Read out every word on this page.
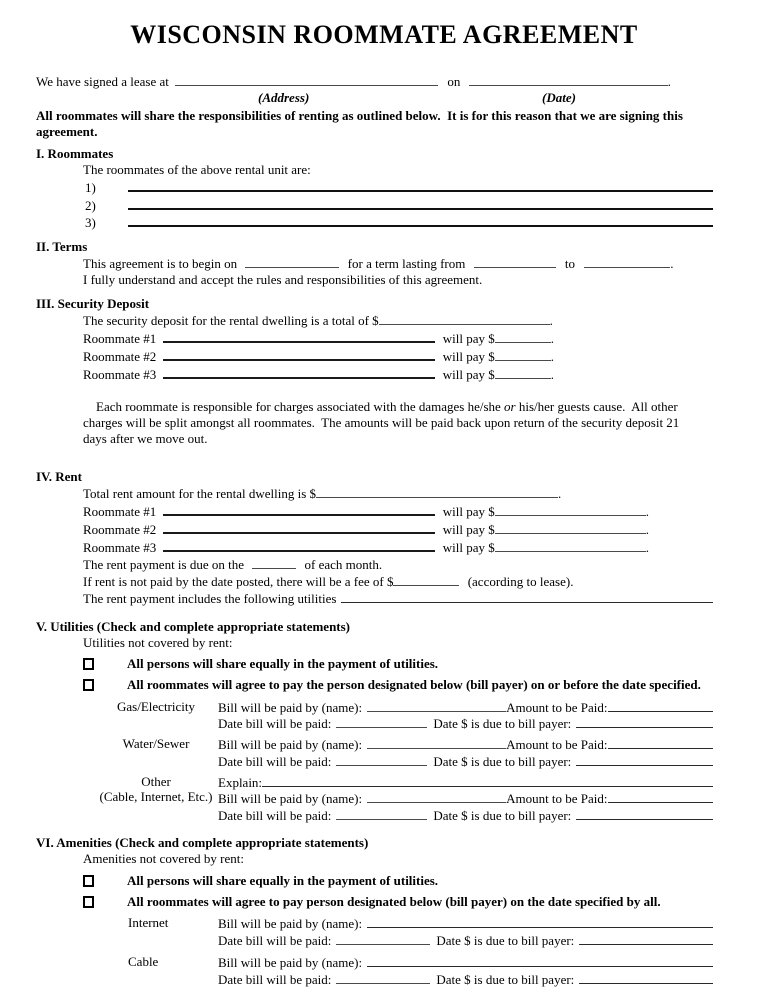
WISCONSIN ROOMMATE AGREEMENT
We have signed a lease at	on	.
(Address)	(Date)
All roommates will share the responsibilities of renting as outlined below.  It is for this reason that we are signing this agreement.
I. Roommates
The roommates of the above rental unit are:
1)
2)
3)
II. Terms
This agreement is to begin on	for a term lasting from	to	.
I fully understand and accept the rules and responsibilities of this agreement.
III. Security Deposit
The security deposit for the rental dwelling is a total of $	.
Roommate #1	will pay $	.
Roommate #2	will pay $	.
Roommate #3	will pay $	.

Each roommate is responsible for charges associated with the damages he/she or his/her guests cause.  All other charges will be split amongst all roommates.  The amounts will be paid back upon return of the security deposit 21 days after we move out.

IV. Rent
Total rent amount for the rental dwelling is $	.
Roommate #1	will pay $	.
Roommate #2	will pay $	.
Roommate #3	will pay $	.
The rent payment is due on the	of each month.
If rent is not paid by the date posted, there will be a fee of $	(according to lease).
The rent payment includes the following utilities
V. Utilities (Check and complete appropriate statements)
Utilities not covered by rent:
All persons will share equally in the payment of utilities.
All roommates will agree to pay the person designated below (bill payer) on or before the date specified.
Gas/Electricity	Bill will be paid by (name):	Amount to be Paid:
Date bill will be paid:	Date $ is due to bill payer:
Water/Sewer	Bill will be paid by (name):	Amount to be Paid:
Date bill will be paid:	Date $ is due to bill payer:
Other
(Cable, Internet, Etc.)
Explain:
Bill will be paid by (name):	Amount to be Paid:
Date bill will be paid:	Date $ is due to bill payer:
VI. Amenities (Check and complete appropriate statements)
Amenities not covered by rent:
All persons will share equally in the payment of utilities.
All roommates will agree to pay person designated below (bill payer) on the date specified by all.
Internet	Bill will be paid by (name):
Date bill will be paid:	Date $ is due to bill payer:
Cable	Bill will be paid by (name):
Date bill will be paid:	Date $ is due to bill payer:
